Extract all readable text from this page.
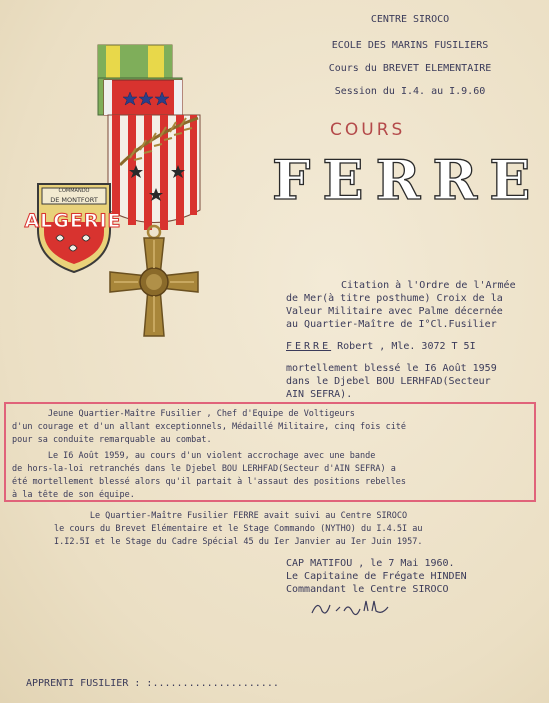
CENTRE SIROCO
ECOLE DES MARINS FUSILIERS
Cours du BREVET ELEMENTAIRE
Session du I.4. au I.9.60
COMMANDO
DE MONTFORT
ALGERIE
COURS
FERRE
Citation à l'Ordre de l'Armée
de Mer(à titre posthume) Croix de la
Valeur Militaire avec Palme décernée
au Quartier-Maître de I°Cl.Fusilier
FERRE Robert , Mle. 3072 T 5I
mortellement blessé le I6 Août 1959
dans le Djebel BOU LERHFAD(Secteur
AIN SEFRA).
Jeune Quartier-Maître Fusilier , Chef d'Equipe de Voltigeurs
d'un courage et d'un allant exceptionnels, Médaillé Militaire, cinq fois cité
pour sa conduite remarquable au combat.
Le I6 Août 1959, au cours d'un violent accrochage avec une bande
de hors-la-loi retranchés dans le Djebel BOU LERHFAD(Secteur d'AIN SEFRA) a
été mortellement blessé alors qu'il partait à l'assaut des positions rebelles
à la tête de son équipe.
Le Quartier-Maître Fusilier FERRE avait suivi au Centre SIROCO
le cours du Brevet Elémentaire et le Stage Commando (NYTHO) du I.4.5I au
I.I2.5I et le Stage du Cadre Spécial 45 du Ier Janvier au Ier Juin 1957.
CAP MATIFOU , le 7 Mai 1960.
Le Capitaine de Frégate HINDEN
Commandant le Centre SIROCO
APPRENTI FUSILIER : :.....................
